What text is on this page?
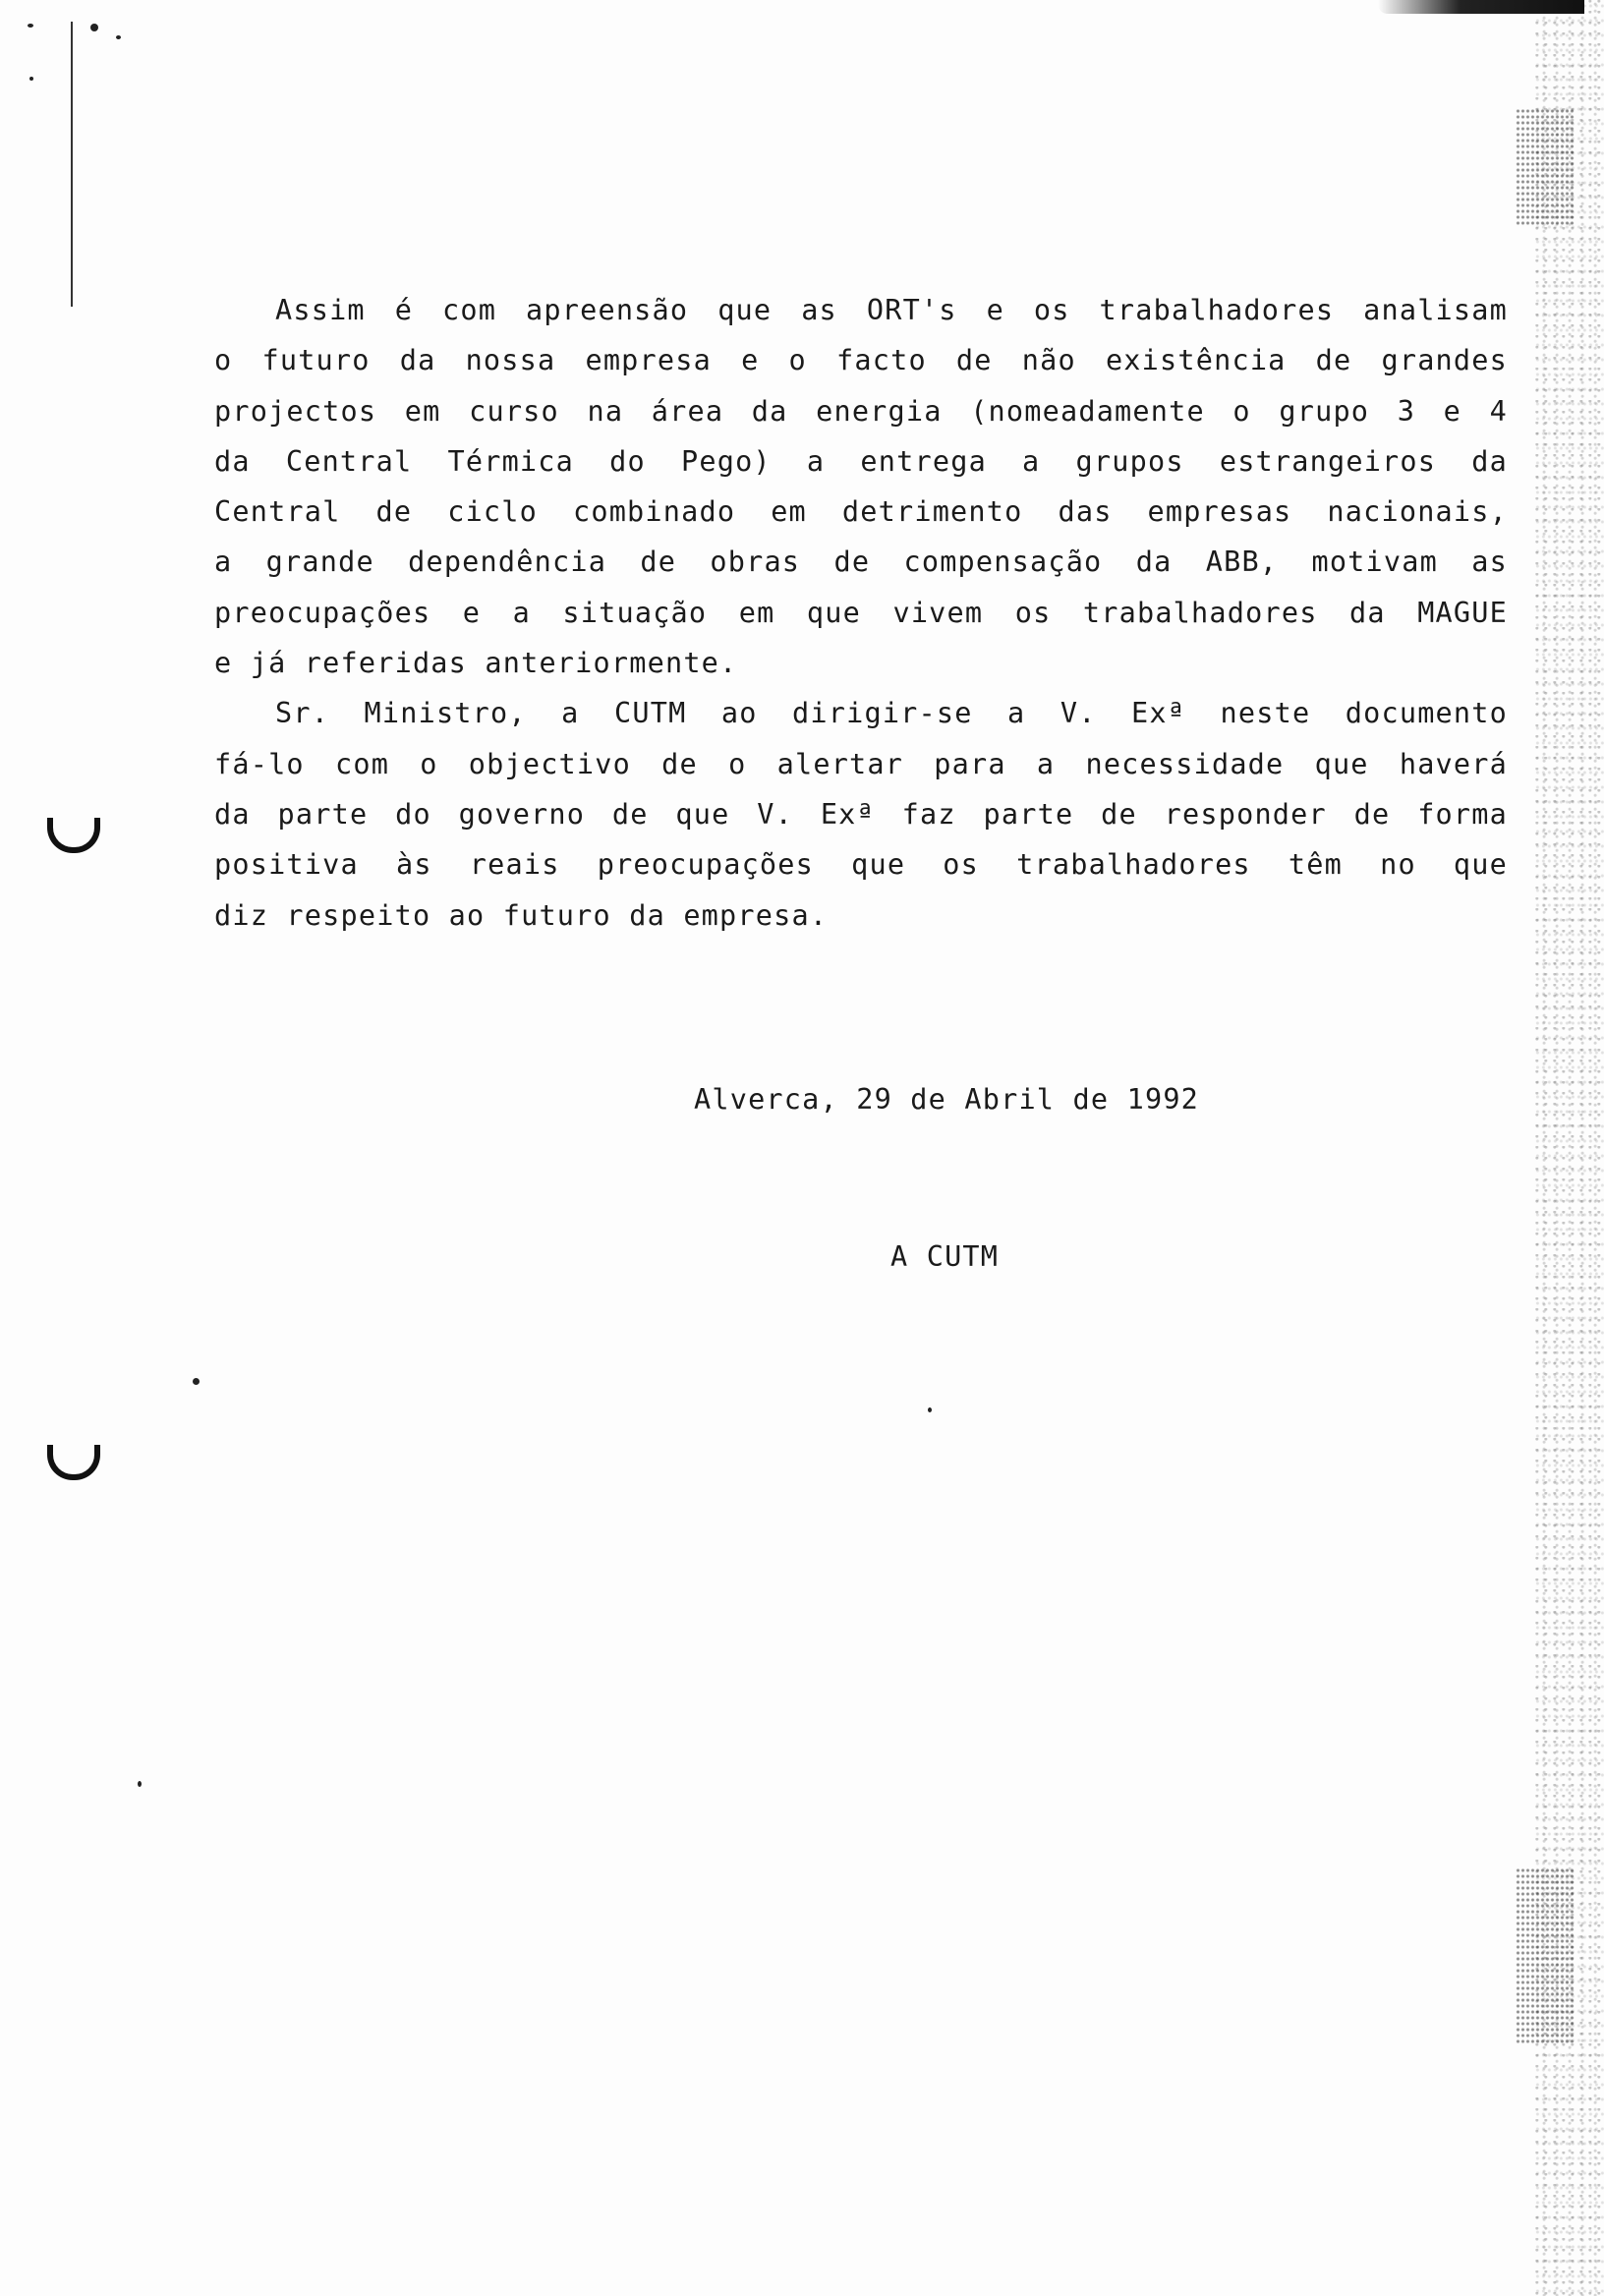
Assim é com apreensão que as ORT's e os trabalhadores analisam
o futuro da nossa empresa e o facto de não existência de grandes
projectos em curso na área da energia (nomeadamente o grupo 3 e 4
da Central Térmica do Pego) a entrega a grupos estrangeiros da
Central de ciclo combinado em detrimento das empresas nacionais,
a grande dependência de obras de compensação da ABB, motivam as
preocupações e a situação em que vivem os trabalhadores da MAGUE
e já referidas anteriormente.

Sr. Ministro, a CUTM ao dirigir-se a V. Exª neste documento
fá-lo com o objectivo de o alertar para a necessidade que haverá
da parte do governo de que V. Exª faz parte de responder de forma
positiva às reais preocupações que os trabalhadores têm no que
diz respeito ao futuro da empresa.

Alverca, 29 de Abril de 1992
A CUTM
